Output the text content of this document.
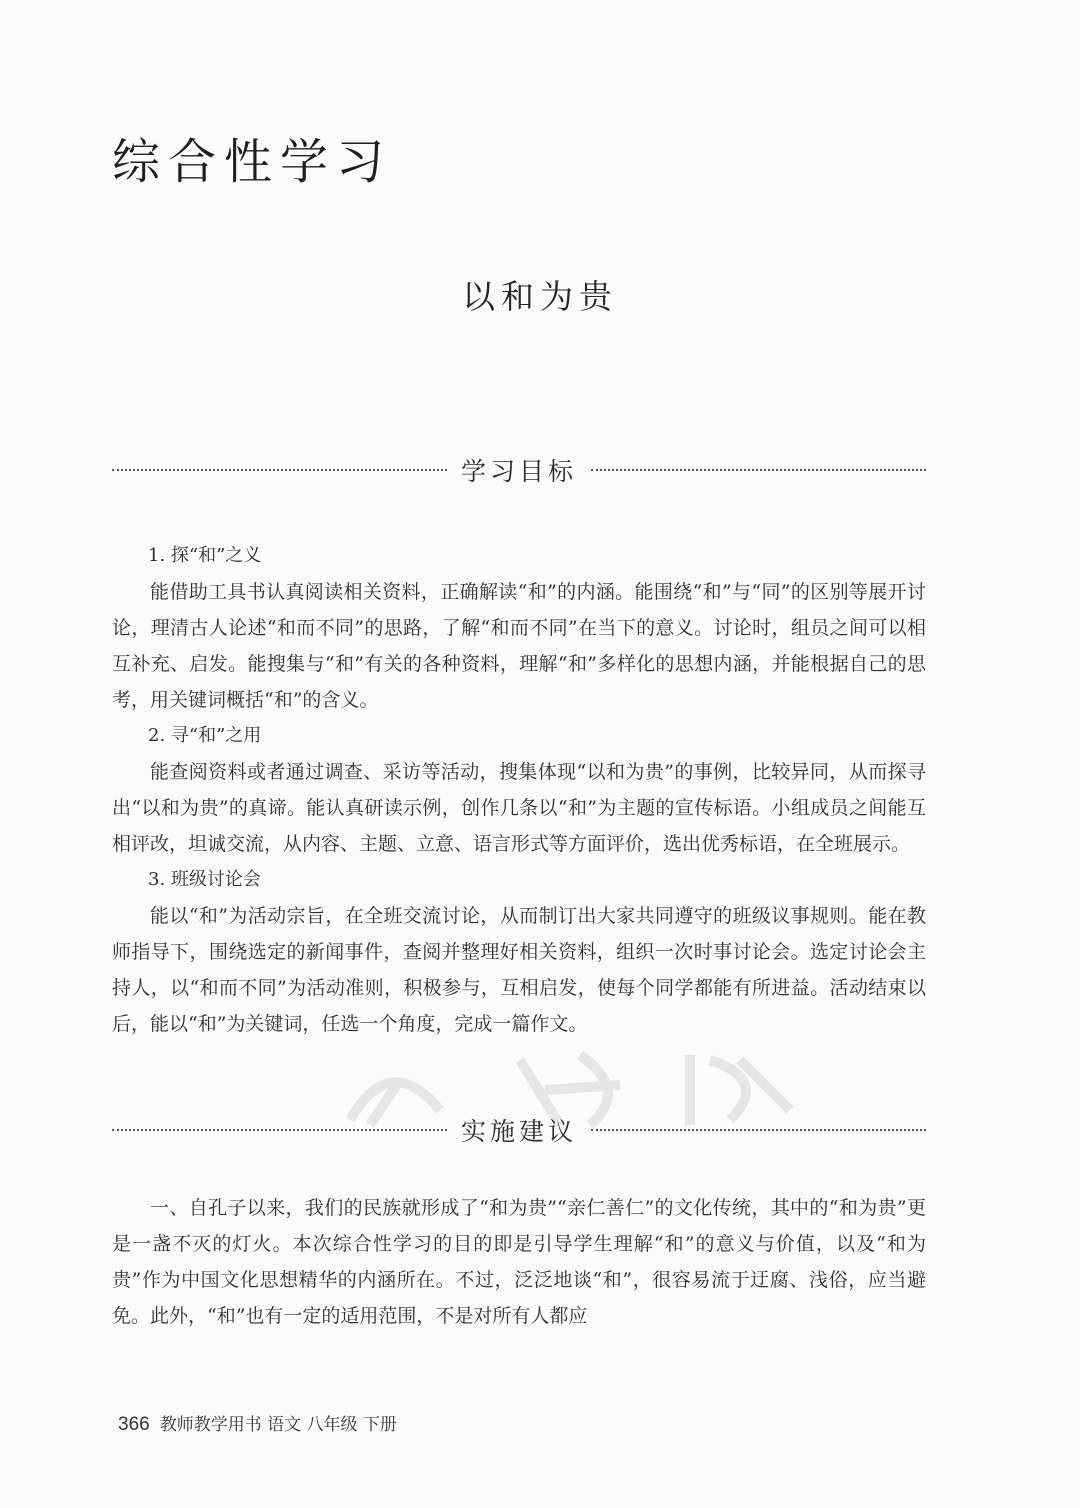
综合性学习
以和为贵
学习目标
1. 探“和”之义

能借助工具书认真阅读相关资料，正确解读“和”的内涵。能围绕“和”与“同”的区别等展开讨论，理清古人论述“和而不同”的思路，了解“和而不同”在当下的意义。讨论时，组员之间可以相互补充、启发。能搜集与“和”有关的各种资料，理解“和”多样化的思想内涵，并能根据自己的思考，用关键词概括“和”的含义。

2. 寻“和”之用

能查阅资料或者通过调查、采访等活动，搜集体现“以和为贵”的事例，比较异同，从而探寻出“以和为贵”的真谛。能认真研读示例，创作几条以“和”为主题的宣传标语。小组成员之间能互相评改，坦诚交流，从内容、主题、立意、语言形式等方面评价，选出优秀标语，在全班展示。

3. 班级讨论会

能以“和”为活动宗旨，在全班交流讨论，从而制订出大家共同遵守的班级议事规则。能在教师指导下，围绕选定的新闻事件，查阅并整理好相关资料，组织一次时事讨论会。选定讨论会主持人，以“和而不同”为活动准则，积极参与，互相启发，使每个同学都能有所进益。活动结束以后，能以“和”为关键词，任选一个角度，完成一篇作文。

实施建议

一、自孔子以来，我们的民族就形成了“和为贵”“亲仁善仁”的文化传统，其中的“和为贵”更是一盏不灭的灯火。本次综合性学习的目的即是引导学生理解“和”的意义与价值，以及“和为贵”作为中国文化思想精华的内涵所在。不过，泛泛地谈“和”，很容易流于迂腐、浅俗，应当避免。此外，“和”也有一定的适用范围，不是对所有人都应

366 教师教学用书 语文 八年级 下册
